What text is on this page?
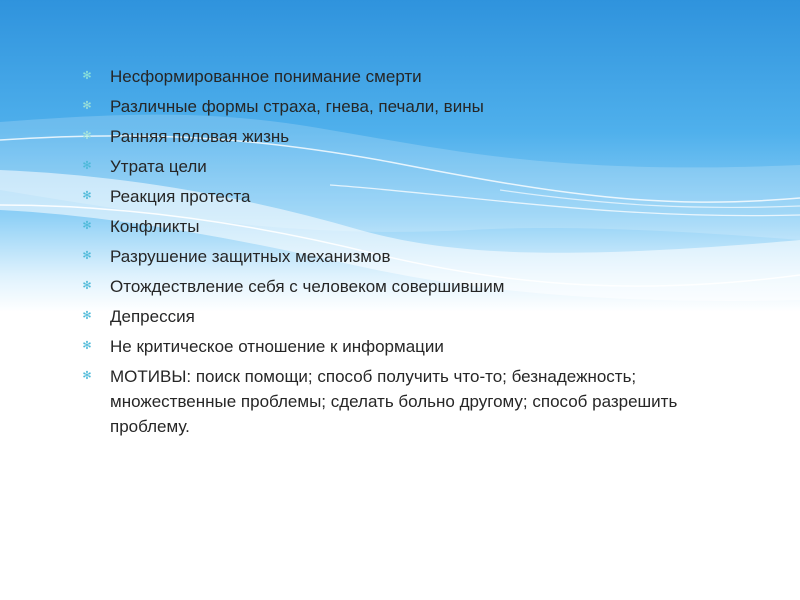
✻ Несформированное понимание смерти
✻ Различные формы страха, гнева, печали, вины
✻ Ранняя половая жизнь
✻ Утрата цели
✻ Реакция протеста
✻ Конфликты
✻ Разрушение защитных механизмов
✻ Отождествление себя с человеком совершившим
✻ Депрессия
✻ Не критическое отношение к информации
✻ МОТИВЫ: поиск помощи; способ получить что-то; безнадежность; множественные проблемы; сделать больно другому; способ разрешить проблему.
